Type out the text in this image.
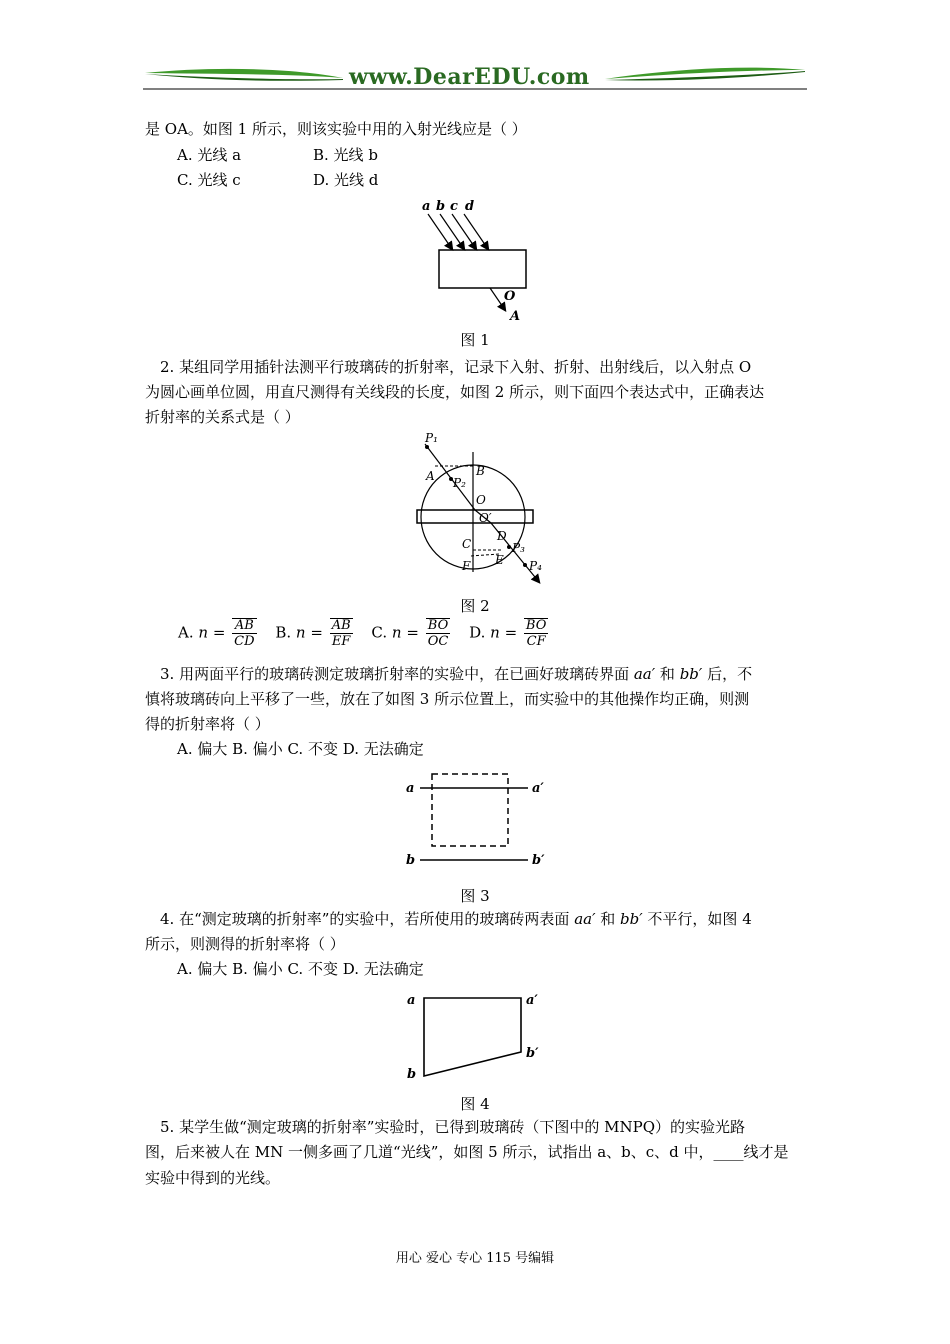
www.DearEDU.com
是 OA。如图 1 所示，则该实验中用的入射光线应是（ ）
A. 光线 a	B. 光线 b
C. 光线 c	D. 光线 d
a b c d
O
A
图 1
2. 某组同学用插针法测平行玻璃砖的折射率，记录下入射、折射、出射线后，以入射点 O
为圆心画单位圆，用直尺测得有关线段的长度，如图 2 所示，则下面四个表达式中，正确表达
折射率的关系式是（ ）
P₁
A	B
P₂
O
O′
D
C	P₃
E P₄
F
图 2
A. $n = \frac{AB}{CD} B$. $n = \frac{AB}{EF} C$. $n = \frac{BO}{OC} D$. $n = \frac{BO}{CF}$
3. 用两面平行的玻璃砖测定玻璃折射率的实验中，在已画好玻璃砖界面 aa′ 和 bb′ 后，不
慎将玻璃砖向上平移了一些，放在了如图 3 所示位置上，而实验中的其他操作均正确，则测
得的折射率将（ ）
A. 偏大 B. 偏小 C. 不变 D. 无法确定
a	a′
b	b′
图 3
4. 在“测定玻璃的折射率”的实验中，若所使用的玻璃砖两表面 aa′ 和 bb′ 不平行，如图 4
所示，则测得的折射率将（ ）
A. 偏大 B. 偏小 C. 不变 D. 无法确定
a	a′
b
b′
图 4
5. 某学生做“测定玻璃的折射率”实验时，已得到玻璃砖（下图中的 MNPQ）的实验光路
图，后来被人在 MN 一侧多画了几道“光线”，如图 5 所示，试指出 a、b、c、d 中，____线才是
实验中得到的光线。
用心 爱心 专心 115 号编辑
